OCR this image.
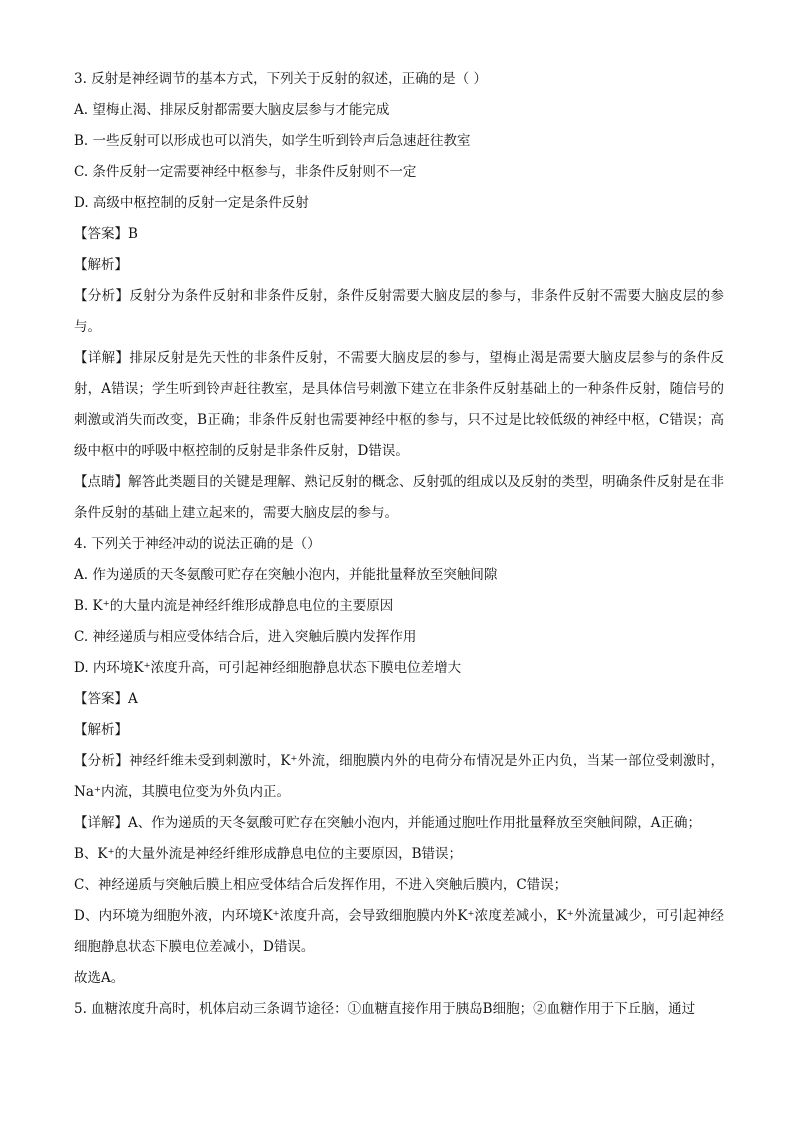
3. 反射是神经调节的基本方式，下列关于反射的叙述，正确的是（ ）
A. 望梅止渴、排尿反射都需要大脑皮层参与才能完成
B. 一些反射可以形成也可以消失，如学生听到铃声后急速赶往教室
C. 条件反射一定需要神经中枢参与，非条件反射则不一定
D. 高级中枢控制的反射一定是条件反射
【答案】B
【解析】
【分析】反射分为条件反射和非条件反射，条件反射需要大脑皮层的参与，非条件反射不需要大脑皮层的参与。
【详解】排尿反射是先天性的非条件反射，不需要大脑皮层的参与，望梅止渴是需要大脑皮层参与的条件反射，A错误；学生听到铃声赶往教室，是具体信号刺激下建立在非条件反射基础上的一种条件反射，随信号的刺激或消失而改变，B正确；非条件反射也需要神经中枢的参与，只不过是比较低级的神经中枢，C错误；高级中枢中的呼吸中枢控制的反射是非条件反射，D错误。
【点睛】解答此类题目的关键是理解、熟记反射的概念、反射弧的组成以及反射的类型，明确条件反射是在非条件反射的基础上建立起来的，需要大脑皮层的参与。
4. 下列关于神经冲动的说法正确的是（）
A. 作为递质的天冬氨酸可贮存在突触小泡内，并能批量释放至突触间隙
B. K⁺的大量内流是神经纤维形成静息电位的主要原因
C. 神经递质与相应受体结合后，进入突触后膜内发挥作用
D. 内环境K⁺浓度升高，可引起神经细胞静息状态下膜电位差增大
【答案】A
【解析】
【分析】神经纤维未受到刺激时，K⁺外流，细胞膜内外的电荷分布情况是外正内负，当某一部位受刺激时，Na⁺内流，其膜电位变为外负内正。
【详解】A、作为递质的天冬氨酸可贮存在突触小泡内，并能通过胞吐作用批量释放至突触间隙，A正确；
B、K⁺的大量外流是神经纤维形成静息电位的主要原因，B错误；
C、神经递质与突触后膜上相应受体结合后发挥作用，不进入突触后膜内，C错误；
D、内环境为细胞外液，内环境K⁺浓度升高，会导致细胞膜内外K⁺浓度差减小，K⁺外流量减少，可引起神经细胞静息状态下膜电位差减小，D错误。
故选A。
5. 血糖浓度升高时，机体启动三条调节途径：①血糖直接作用于胰岛B细胞；②血糖作用于下丘脑，通过
